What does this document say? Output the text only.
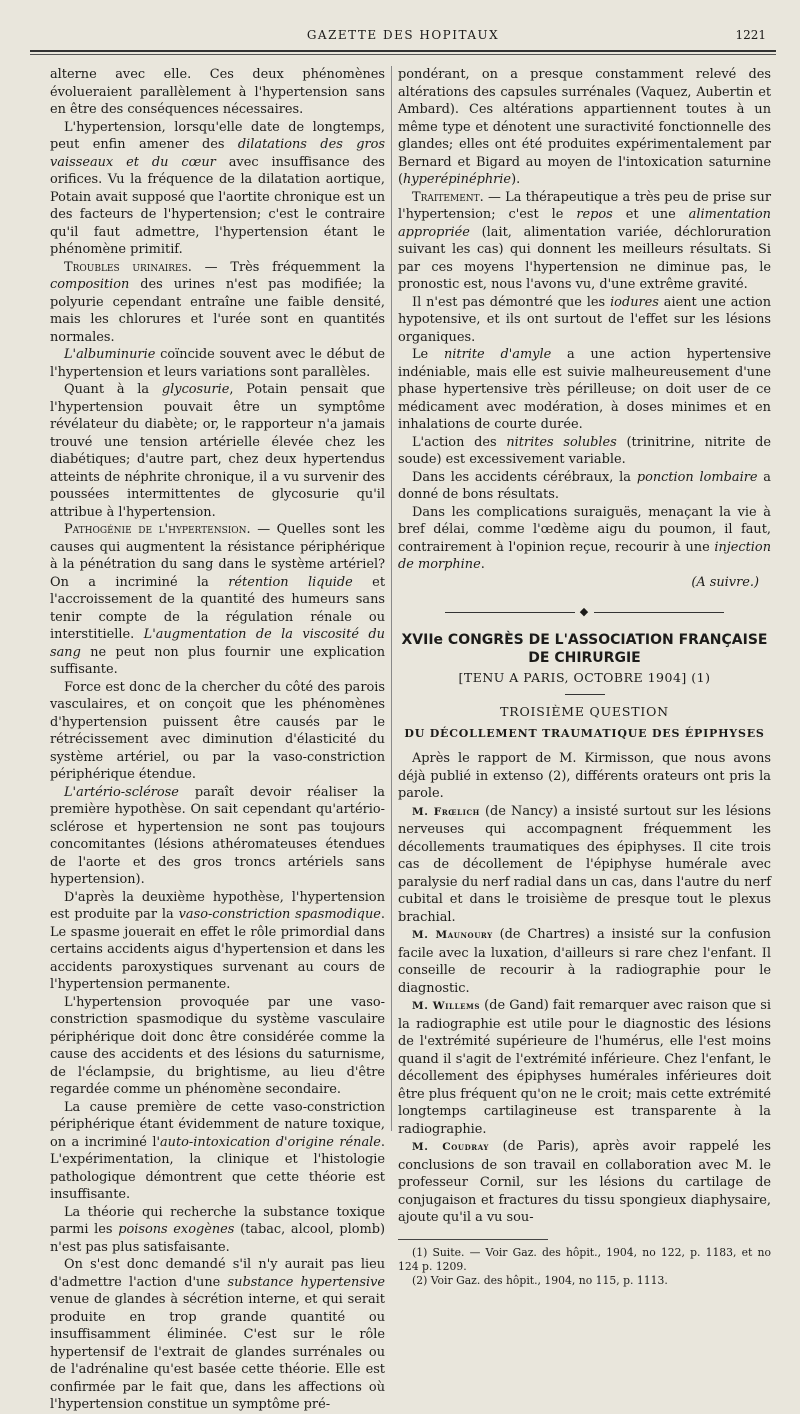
GAZETTE DES HOPITAUX	1221

alterne avec elle. Ces deux phénomènes évolueraient parallèlement à l'hypertension sans en être des conséquences nécessaires.

L'hypertension, lorsqu'elle date de longtemps, peut enfin amener des dilatations des gros vaisseaux et du cœur avec insuffisance des orifices. Vu la fréquence de la dilatation aortique, Potain avait supposé que l'aortite chronique est un des facteurs de l'hypertension; c'est le contraire qu'il faut admettre, l'hypertension étant le phénomène primitif.

Troubles urinaires. — Très fréquemment la composition des urines n'est pas modifiée; la polyurie cependant entraîne une faible densité, mais les chlorures et l'urée sont en quantités normales.

L'albuminurie coïncide souvent avec le début de l'hypertension et leurs variations sont parallèles.

Quant à la glycosurie, Potain pensait que l'hypertension pouvait être un symptôme révélateur du diabète; or, le rapporteur n'a jamais trouvé une tension artérielle élevée chez les diabétiques; d'autre part, chez deux hypertendus atteints de néphrite chronique, il a vu survenir des poussées intermittentes de glycosurie qu'il attribue à l'hypertension.

Pathogénie de l'hypertension. — Quelles sont les causes qui augmentent la résistance périphérique à la pénétration du sang dans le système artériel? On a incriminé la rétention liquide et l'accroissement de la quantité des humeurs sans tenir compte de la régulation rénale ou interstitielle. L'augmentation de la viscosité du sang ne peut non plus fournir une explication suffisante.

Force est donc de la chercher du côté des parois vasculaires, et on conçoit que les phénomènes d'hypertension puissent être causés par le rétrécissement avec diminution d'élasticité du système artériel, ou par la vaso-constriction périphérique étendue.

L'artério-sclérose paraît devoir réaliser la première hypothèse. On sait cependant qu'artério-sclérose et hypertension ne sont pas toujours concomitantes (lésions athéromateuses étendues de l'aorte et des gros troncs artériels sans hypertension).

D'après la deuxième hypothèse, l'hypertension est produite par la vaso-constriction spasmodique. Le spasme jouerait en effet le rôle primordial dans certains accidents aigus d'hypertension et dans les accidents paroxystiques survenant au cours de l'hypertension permanente.

L'hypertension provoquée par une vaso-constriction spasmodique du système vasculaire périphérique doit donc être considérée comme la cause des accidents et des lésions du saturnisme, de l'éclampsie, du brightisme, au lieu d'être regardée comme un phénomène secondaire.

La cause première de cette vaso-constriction périphérique étant évidemment de nature toxique, on a incriminé l'auto-intoxication d'origine rénale. L'expérimentation, la clinique et l'histologie pathologique démontrent que cette théorie est insuffisante.

La théorie qui recherche la substance toxique parmi les poisons exogènes (tabac, alcool, plomb) n'est pas plus satisfaisante.

On s'est donc demandé s'il n'y aurait pas lieu d'admettre l'action d'une substance hypertensive venue de glandes à sécrétion interne, et qui serait produite en trop grande quantité ou insuffisamment éliminée. C'est sur le rôle hypertensif de l'extrait de glandes surrénales ou de l'adrénaline qu'est basée cette théorie. Elle est confirmée par le fait que, dans les affections où l'hypertension constitue un symptôme pré-

pondérant, on a presque constamment relevé des altérations des capsules surrénales (Vaquez, Aubertin et Ambard). Ces altérations appartiennent toutes à un même type et dénotent une suractivité fonctionnelle des glandes; elles ont été produites expérimentalement par Bernard et Bigard au moyen de l'intoxication saturnine (hyperépinéphrie).

Traitement. — La thérapeutique a très peu de prise sur l'hypertension; c'est le repos et une alimentation appropriée (lait, alimentation variée, déchloruration suivant les cas) qui donnent les meilleurs résultats. Si par ces moyens l'hypertension ne diminue pas, le pronostic est, nous l'avons vu, d'une extrême gravité.

Il n'est pas démontré que les iodures aient une action hypotensive, et ils ont surtout de l'effet sur les lésions organiques.

Le nitrite d'amyle a une action hypertensive indéniable, mais elle est suivie malheureusement d'une phase hypertensive très périlleuse; on doit user de ce médicament avec modération, à doses minimes et en inhalations de courte durée.

L'action des nitrites solubles (trinitrine, nitrite de soude) est excessivement variable.

Dans les accidents cérébraux, la ponction lombaire a donné de bons résultats.

Dans les complications suraiguës, menaçant la vie à bref délai, comme l'œdème aigu du poumon, il faut, contrairement à l'opinion reçue, recourir à une injection de morphine.

(A suivre.)

◆
XVIIe CONGRÈS DE L'ASSOCIATION FRANÇAISE
DE CHIRURGIE
[TENU A PARIS, OCTOBRE 1904] (1)
TROISIÈME QUESTION
DU DÉCOLLEMENT TRAUMATIQUE DES ÉPIPHYSES

Après le rapport de M. Kirmisson, que nous avons déjà publié in extenso (2), différents orateurs ont pris la parole.

M. Frœlich (de Nancy) a insisté surtout sur les lésions nerveuses qui accompagnent fréquemment les décollements traumatiques des épiphyses. Il cite trois cas de décollement de l'épiphyse humérale avec paralysie du nerf radial dans un cas, dans l'autre du nerf cubital et dans le troisième de presque tout le plexus brachial.

M. Maunoury (de Chartres) a insisté sur la confusion facile avec la luxation, d'ailleurs si rare chez l'enfant. Il conseille de recourir à la radiographie pour le diagnostic.

M. Willems (de Gand) fait remarquer avec raison que si la radiographie est utile pour le diagnostic des lésions de l'extrémité supérieure de l'humérus, elle l'est moins quand il s'agit de l'extrémité inférieure. Chez l'enfant, le décollement des épiphyses humérales inférieures doit être plus fréquent qu'on ne le croit; mais cette extrémité longtemps cartilagineuse est transparente à la radiographie.

M. Coudray (de Paris), après avoir rappelé les conclusions de son travail en collaboration avec M. le professeur Cornil, sur les lésions du cartilage de conjugaison et fractures du tissu spongieux diaphysaire, ajoute qu'il a vu sou-

(1) Suite. — Voir Gaz. des hôpit., 1904, no 122, p. 1183, et no 124 p. 1209.

(2) Voir Gaz. des hôpit., 1904, no 115, p. 1113.
